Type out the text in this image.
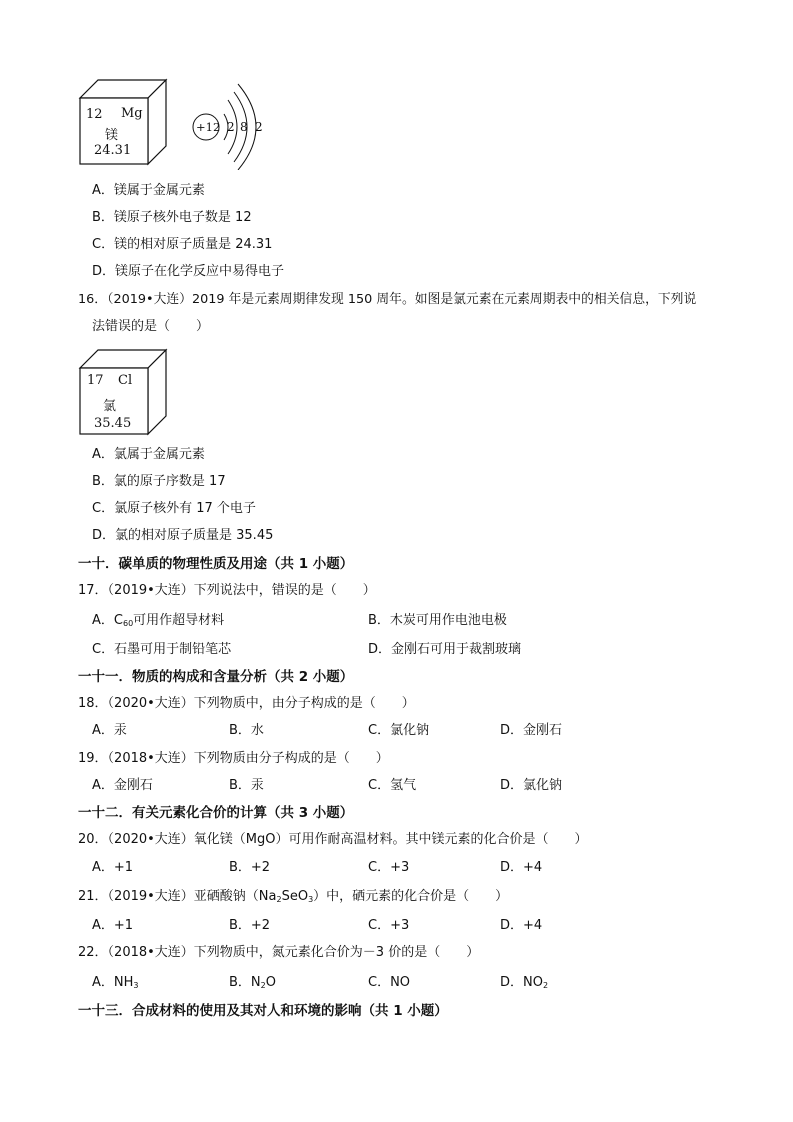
12 Mg
镁
24.31
+12 2 8 2
A．镁属于金属元素
B．镁原子核外电子数是 12
C．镁的相对原子质量是 24.31
D．镁原子在化学反应中易得电子
16．（2019•大连）2019 年是元素周期律发现 150 周年。如图是氯元素在元素周期表中的相关信息，下列说
法错误的是（　　）
17 Cl
氯
35.45
A．氯属于金属元素
B．氯的原子序数是 17
C．氯原子核外有 17 个电子
D．氯的相对原子质量是 35.45
一十．碳单质的物理性质及用途（共 1 小题）
17．（2019•大连）下列说法中，错误的是（　　）
A．$C_{60}$可用作超导材料	B．木炭可用作电池电极
C．石墨可用于制铅笔芯	D．金刚石可用于裁割玻璃
一十一．物质的构成和含量分析（共 2 小题）
18．（2020•大连）下列物质中，由分子构成的是（　　）
A．汞	B．水	C．氯化钠	D．金刚石
19．（2018•大连）下列物质由分子构成的是（　　）
A．金刚石	B．汞	C．氢气	D．氯化钠
一十二．有关元素化合价的计算（共 3 小题）
20．（2020•大连）氧化镁（MgO）可用作耐高温材料。其中镁元素的化合价是（　　）
A．+1	B．+2	C．+3	D．+4
21．（2019•大连）亚硒酸钠$(Na_2SeO_3)$中，硒元素的化合价是（　　）
A．+1	B．+2	C．+3	D．+4
22．（2018•大连）下列物质中，氮元素化合价为－3 价的是（　　）
A．$NH_3$	B．$N_2O$	C．NO	D．$NO_2$
一十三．合成材料的使用及其对人和环境的影响（共 1 小题）
